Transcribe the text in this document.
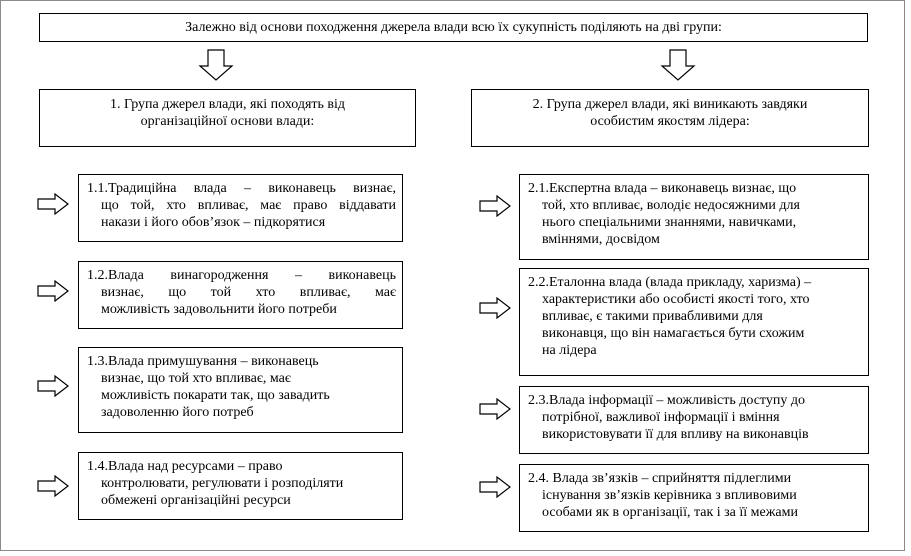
Залежно від основи походження джерела влади всю їх сукупність поділяють на дві групи:
1. Група джерел влади, які походять від
організаційної основи влади:
2. Група джерел влади, які виникають завдяки
особистим якостям лідера:
1.1.Традиційна влада – виконавець визнає,
що той, хто впливає, має право віддавати
накази і його обов’язок – підкорятися
1.2.Влада винагородження – виконавець
визнає, що той хто впливає, має
можливість задовольнити його потреби
1.3.Влада примушування – виконавець
визнає, що той хто впливає, має
можливість покарати так, що завадить
задоволенню його потреб
1.4.Влада над ресурсами – право
контролювати, регулювати і розподіляти
обмежені організаційні ресурси
2.1.Експертна влада – виконавець визнає, що
той, хто впливає, володіє недосяжними для
нього спеціальними знаннями, навичками,
вміннями, досвідом
2.2.Еталонна влада (влада прикладу, харизма) –
характеристики або особисті якості того, хто
впливає, є такими привабливими для
виконавця, що він намагається бути схожим
на лідера
2.3.Влада інформації – можливість доступу до
потрібної, важливої інформації і вміння
використовувати її для впливу на виконавців
2.4. Влада зв’язків – сприйняття підлеглими
існування зв’язків керівника з впливовими
особами як в організації, так і за її межами
